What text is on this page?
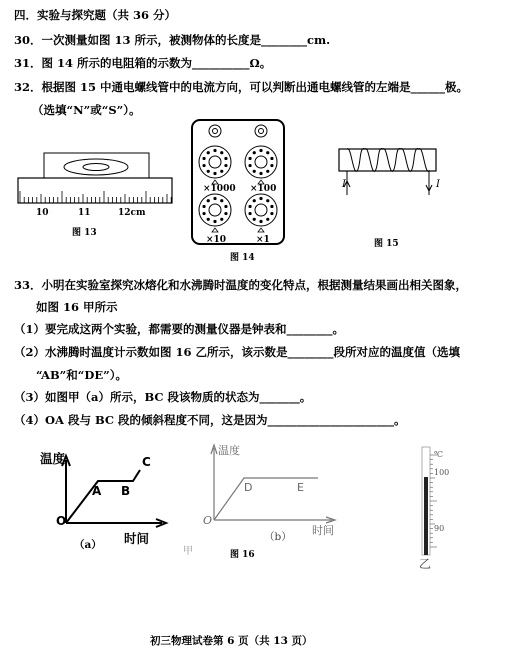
四．实验与探究题（共 36 分）
30．一次测量如图 13 所示，被测物体的长度是________cm.
31．图 14 所示的电阻箱的示数为__________Ω。
32．根据图 15 中通电螺线管中的电流方向，可以判断出通电螺线管的左端是______极。
（选填“N”或“S”）。
10	11	12cm
图 13
×1000 ×100
×10	×1
图 14
I	I
图 15
33．小明在实验室探究冰熔化和水沸腾时温度的变化特点，根据测量结果画出相关图象，
如图 16 甲所示
（1）要完成这两个实验，都需要的测量仪器是钟表和________。
（2）水沸腾时温度计示数如图 16 乙所示，该示数是________段所对应的温度值（选填
“AB”和“DE”）。
（3）如图甲（a）所示，BC 段该物质的状态为_______。
（4）OA 段与 BC 段的倾斜程度不同，这是因为______________________。
温度
时间
O
A B
C
（a）
温度
时间
O
D	E
（b）
甲	图 16
℃
100
90
乙
初三物理试卷第 6 页（共 13 页）
